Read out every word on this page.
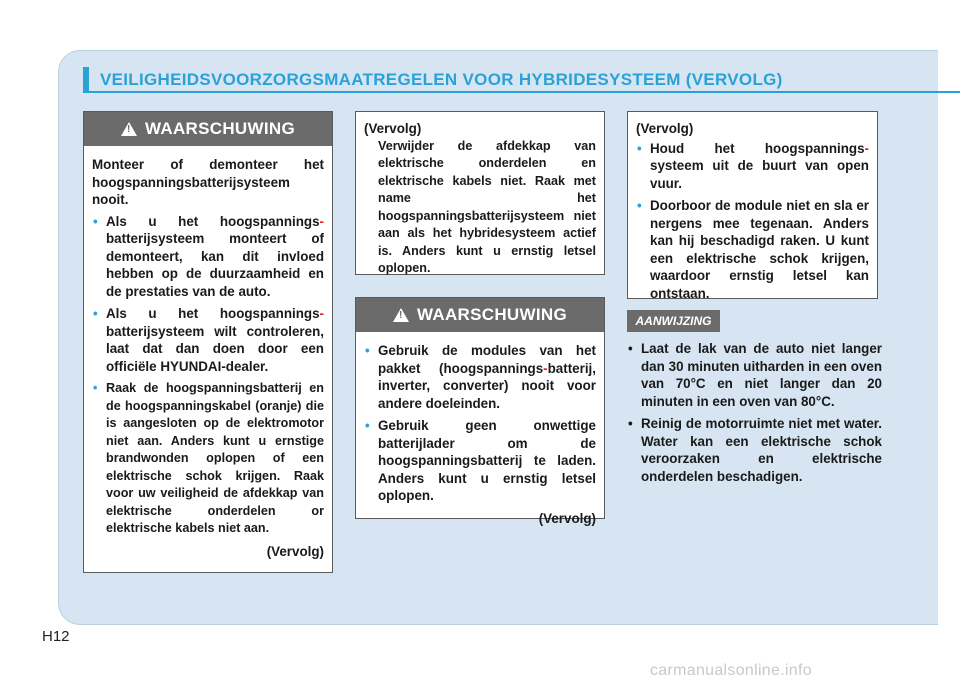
VEILIGHEIDSVOORZORGSMAATREGELEN VOOR HYBRIDESYSTEEM (VERVOLG)
!
WAARSCHUWING

Monteer of demonteer het hoogspanningsbatterijsysteem nooit.

• Als u het hoogspannings- batterijsysteem monteert of demonteert, kan dit invloed hebben op de duurzaamheid en de prestaties van de auto.
• Als u het hoogspannings- batterijsysteem wilt controleren, laat dat dan doen door een officiële HYUNDAI-dealer.
• Raak de hoogspanningsbatterij en de hoogspanningskabel (oranje) die is aangesloten op de elektromotor niet aan. Anders kunt u ernstige brandwonden oplopen of een elektrische schok krijgen. Raak voor uw veiligheid de afdekkap van elektrische onderdelen or elektrische kabels niet aan.

(Vervolg)

(Vervolg)

Verwijder de afdekkap van elektrische onderdelen en elektrische kabels niet. Raak met name het hoogspanningsbatterijsysteem niet aan als het hybridesysteem actief is. Anders kunt u ernstig letsel oplopen.

!
WAARSCHUWING
• Gebruik de modules van het pakket (hoogspannings-batterij, inverter, converter) nooit voor andere doeleinden.
• Gebruik geen onwettige batterijlader om de hoogspanningsbatterij te laden. Anders kunt u ernstig letsel oplopen.

(Vervolg)

(Vervolg)

• Houd het hoogspannings-systeem uit de buurt van open vuur.
• Doorboor de module niet en sla er nergens mee tegenaan. Anders kan hij beschadigd raken. U kunt een elektrische schok krijgen, waardoor ernstig letsel kan ontstaan.
AANWIJZING
• Laat de lak van de auto niet langer dan 30 minuten uitharden in een oven van 70°C en niet langer dan 20 minuten in een oven van 80°C.
• Reinig de motorruimte niet met water. Water kan een elektrische schok veroorzaken en elektrische onderdelen beschadigen.
H12
carmanualsonline.info
